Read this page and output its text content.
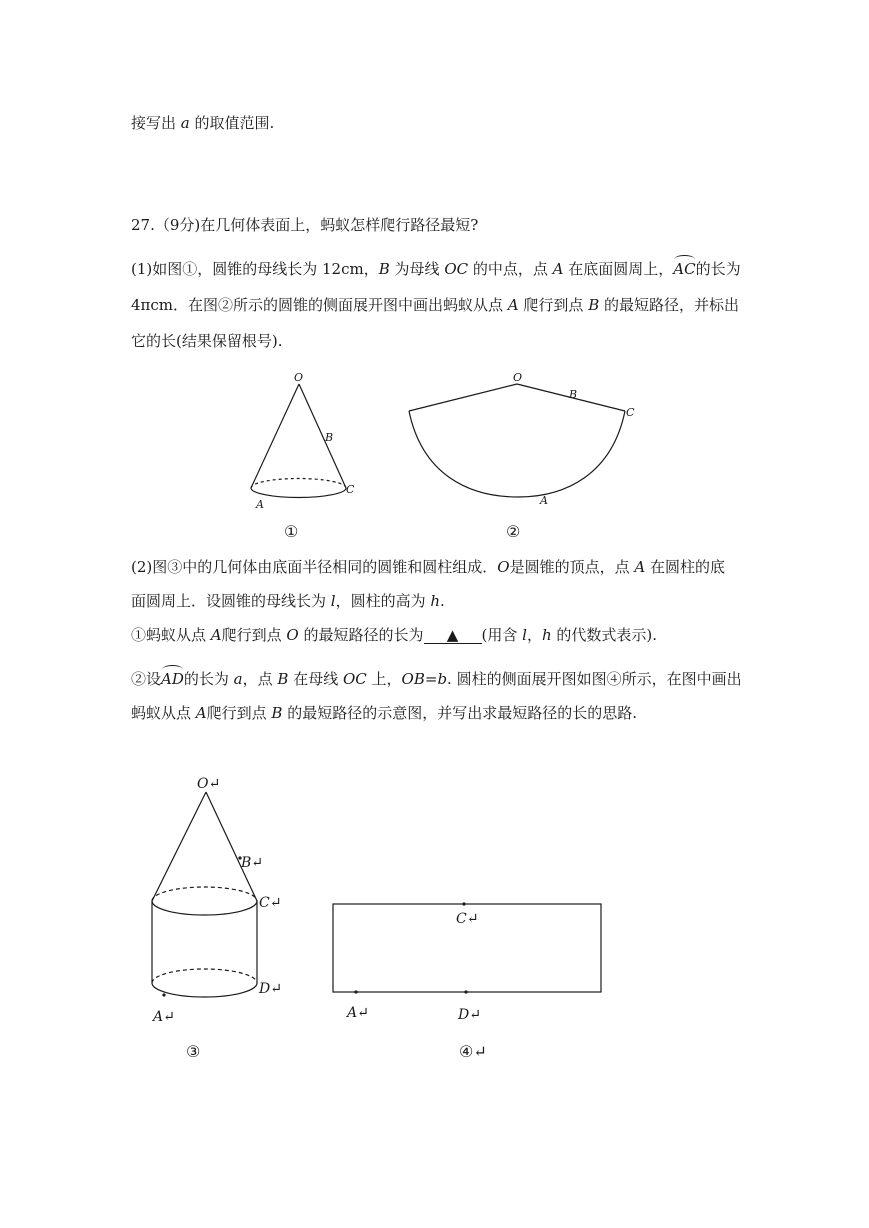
接写出 a 的取值范围.
27.（9分)在几何体表面上，蚂蚁怎样爬行路径最短?
(1)如图①，圆锥的母线长为 12cm，B 为母线 OC 的中点，点 A 在底面圆周上，AC的长为
4πcm．在图②所示的圆锥的侧面展开图中画出蚂蚁从点 A 爬行到点 B 的最短路径，并标出
它的长(结果保留根号).
(2)图③中的几何体由底面半径相同的圆锥和圆柱组成．O是圆锥的顶点，点 A 在圆柱的底
面圆周上．设圆锥的母线长为 l，圆柱的高为 h.
①蚂蚁从点 A爬行到点 O 的最短路径的长为 ▲ (用含 l，h 的代数式表示).
②设AD的长为 a，点 B 在母线 OC 上，OB=b. 圆柱的侧面展开图如图④所示，在图中画出
蚂蚁从点 A爬行到点 B 的最短路径的示意图，并写出求最短路径的长的思路.
O
B
A
C
①
O
B
C
A
②
O↵
B↵
C↵
D↵
A↵
③
C↵
A↵	D↵
④↵
